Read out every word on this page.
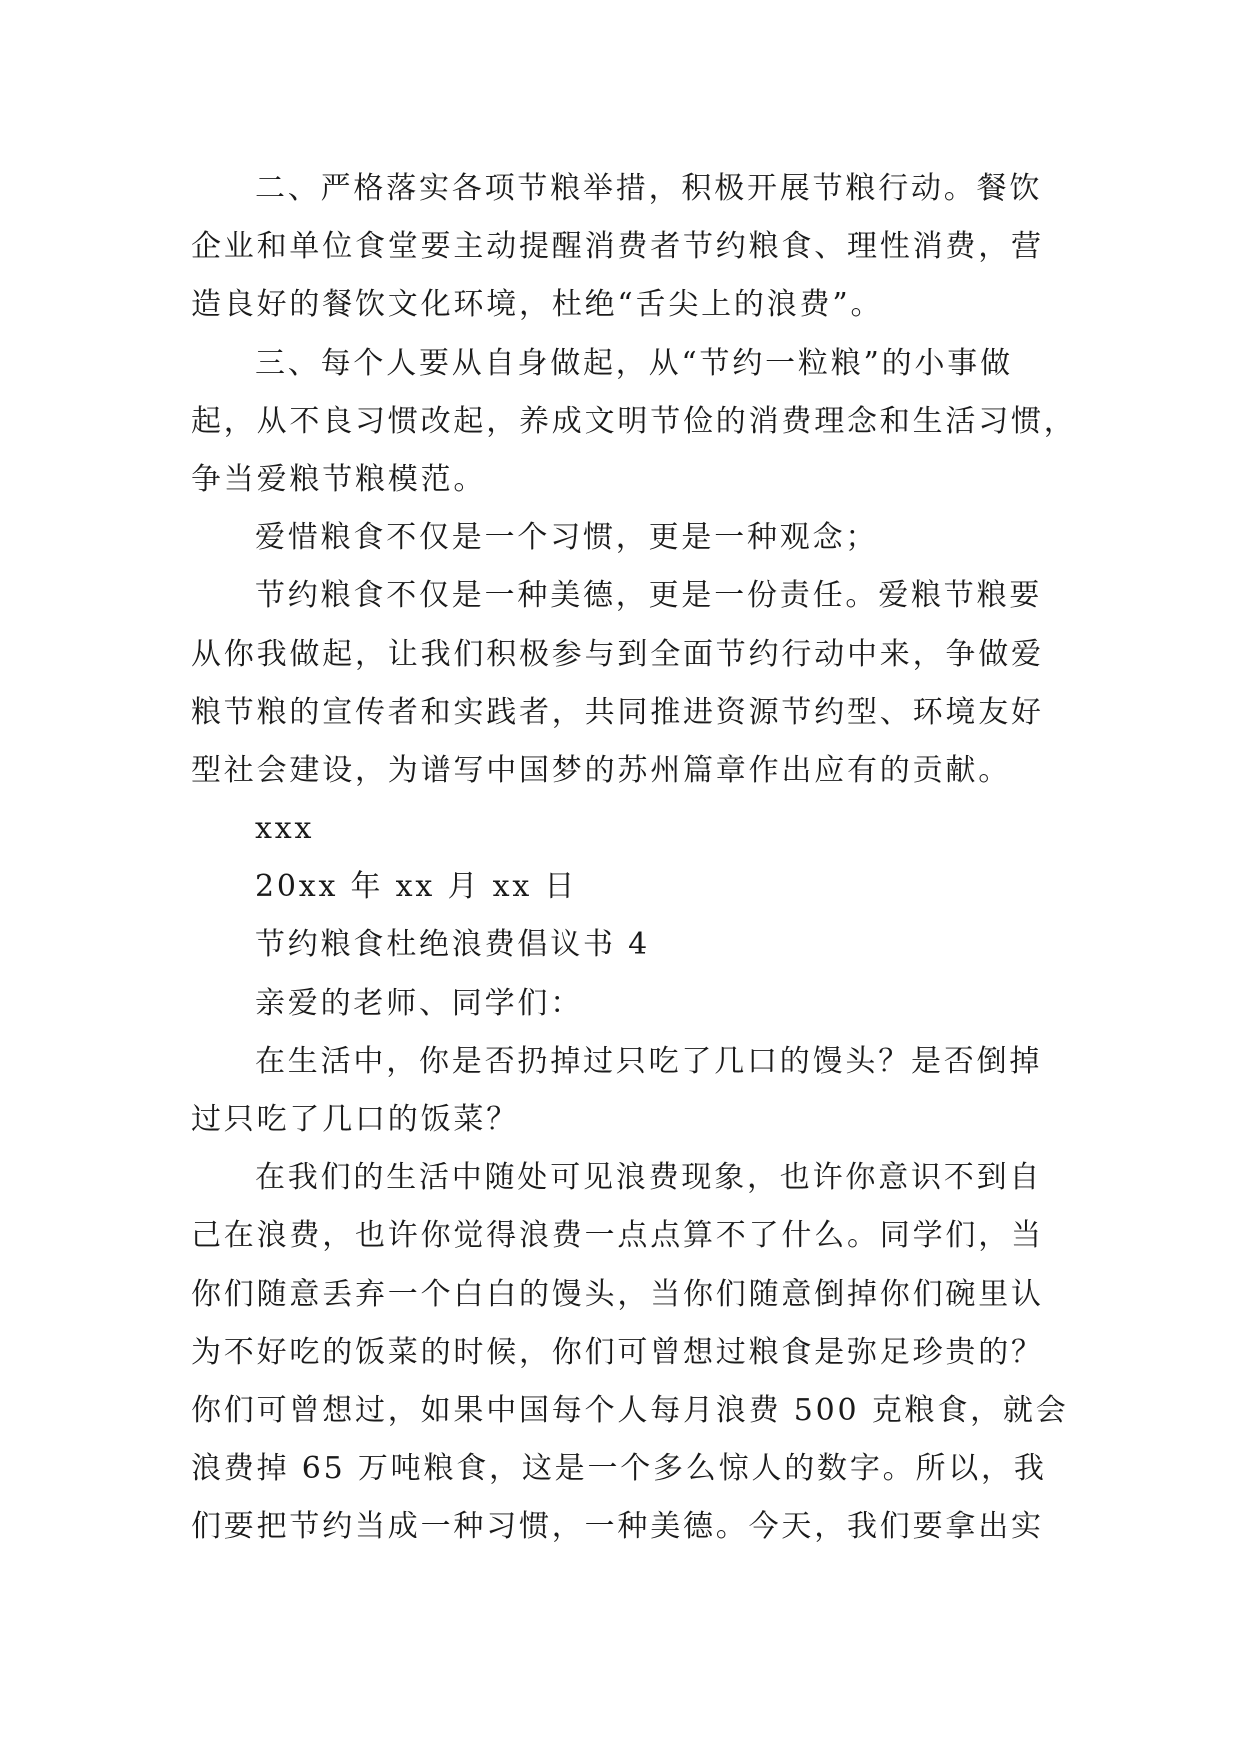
二、严格落实各项节粮举措，积极开展节粮行动。餐饮
企业和单位食堂要主动提醒消费者节约粮食、理性消费，营
造良好的餐饮文化环境，杜绝“舌尖上的浪费”。
三、每个人要从自身做起，从“节约一粒粮”的小事做
起，从不良习惯改起，养成文明节俭的消费理念和生活习惯，
争当爱粮节粮模范。
爱惜粮食不仅是一个习惯，更是一种观念；
节约粮食不仅是一种美德，更是一份责任。爱粮节粮要
从你我做起，让我们积极参与到全面节约行动中来，争做爱
粮节粮的宣传者和实践者，共同推进资源节约型、环境友好
型社会建设，为谱写中国梦的苏州篇章作出应有的贡献。
xxx
20xx 年 xx 月 xx 日
节约粮食杜绝浪费倡议书 4
亲爱的老师、同学们：
在生活中，你是否扔掉过只吃了几口的馒头？是否倒掉
过只吃了几口的饭菜？
在我们的生活中随处可见浪费现象，也许你意识不到自
己在浪费，也许你觉得浪费一点点算不了什么。同学们，当
你们随意丢弃一个白白的馒头，当你们随意倒掉你们碗里认
为不好吃的饭菜的时候，你们可曾想过粮食是弥足珍贵的？
你们可曾想过，如果中国每个人每月浪费 500 克粮食，就会
浪费掉 65 万吨粮食，这是一个多么惊人的数字。所以，我
们要把节约当成一种习惯，一种美德。今天，我们要拿出实
